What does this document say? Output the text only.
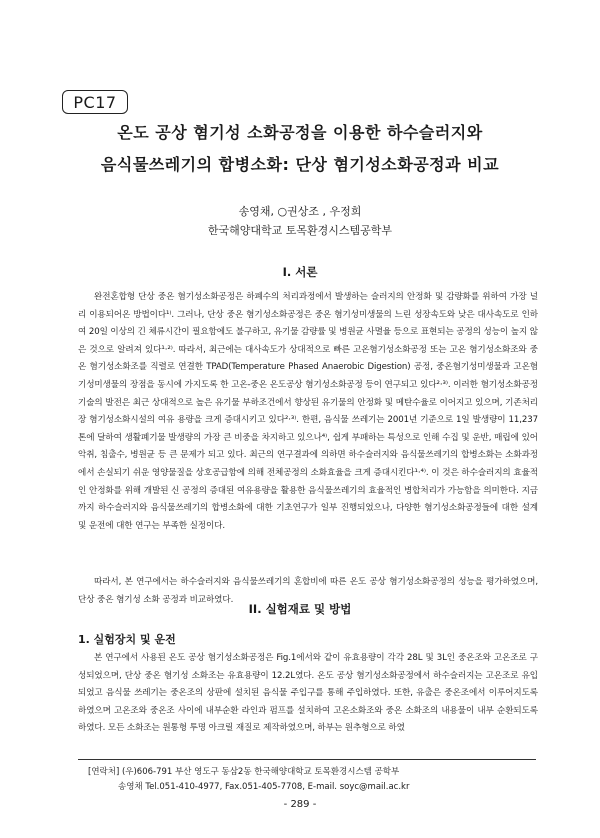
PC17
온도 공상 혐기성 소화공정을 이용한 하수슬러지와
음식물쓰레기의 합병소화: 단상 혐기성소화공정과 비교
송영채, ○권상조 , 우정희
한국해양대학교 토목환경시스템공학부
I. 서론

완전혼합형 단상 중온 혐기성소화공정은 하폐수의 처리과정에서 발생하는 슬러지의 안정화 및 감량화를 위하여 가장 널리 이용되어온 방법이다¹⁾. 그러나, 단상 중온 혐기성소화공정은 중온 혐기성미생물의 느린 성장속도와 낮은 대사속도로 인하여 20일 이상의 긴 체류시간이 필요함에도 불구하고, 유기물 감량률 및 병원균 사멸율 등으로 표현되는 공정의 성능이 높지 않은 것으로 알려져 있다¹·²⁾. 따라서, 최근에는 대사속도가 상대적으로 빠른 고온혐기성소화공정 또는 고온 혐기성소화조와 중온 혐기성소화조를 직렬로 연결한 TPAD(Temperature Phased Anaerobic Digestion) 공정, 중온혐기성미생물과 고온혐기성미생물의 장점을 동시에 가지도록 한 고온-중온 온도공상 혐기성소화공정 등이 연구되고 있다²·³⁾. 이러한 혐기성소화공정기술의 발전은 최근 상대적으로 높은 유기물 부하조건에서 향상된 유기물의 안정화 및 메탄수율로 이어지고 있으며, 기존처리장 혐기성소화시설의 여유 용량을 크게 증대시키고 있다²·³⁾. 한편, 음식물 쓰레기는 2001년 기준으로 1일 발생량이 11,237톤에 달하여 생활폐기물 발생량의 가장 큰 비중을 차지하고 있으나⁴⁾, 쉽게 부패하는 특성으로 인해 수집 및 운반, 매립에 있어 악취, 침출수, 병원균 등 큰 문제가 되고 있다. 최근의 연구결과에 의하면 하수슬러지와 음식물쓰레기의 합병소화는 소화과정에서 손실되기 쉬운 영양물질을 상호공급함에 의해 전체공정의 소화효율을 크게 증대시킨다¹·⁴⁾. 이 것은 하수슬러지의 효율적인 안정화를 위해 개발된 신 공정의 증대된 여유용량을 활용한 음식물쓰레기의 효율적인 병합처리가 가능함을 의미한다. 지금까지 하수슬러지와 음식물쓰레기의 합병소화에 대한 기초연구가 일부 진행되었으나, 다양한 혐기성소화공정들에 대한 설계 및 운전에 대한 연구는 부족한 실정이다.

따라서, 본 연구에서는 하수슬러지와 음식물쓰레기의 혼합비에 따른 온도 공상 혐기성소화공정의 성능을 평가하였으며, 단상 중온 혐기성 소화 공정과 비교하였다.

II. 실험재료 및 방법
1. 실험장치 및 운전

본 연구에서 사용된 온도 공상 혐기성소화공정은 Fig.1에서와 같이 유효용량이 각각 28L 및 3L인 중온조와 고온조로 구성되었으며, 단상 중온 혐기성 소화조는 유효용량이 12.2L였다. 온도 공상 혐기성소화공정에서 하수슬러지는 고온조로 유입되었고 음식물 쓰레기는 중온조의 상판에 설치된 음식물 주입구를 통해 주입하였다. 또한, 유출은 중온조에서 이루어지도록 하였으며 고온조와 중온조 사이에 내부순환 라인과 펌프를 설치하여 고온소화조와 중온 소화조의 내용물이 내부 순환되도록 하였다. 모든 소화조는 원통형 투명 아크릴 재질로 제작하였으며, 하부는 원추형으로 하였

[연락처] (우)606-791 부산 영도구 동삼2동 한국해양대학교 토목환경시스템 공학부
송영채 Tel.051-410-4977, Fax.051-405-7708, E-mail. soyc@mail.ac.kr
- 289 -
